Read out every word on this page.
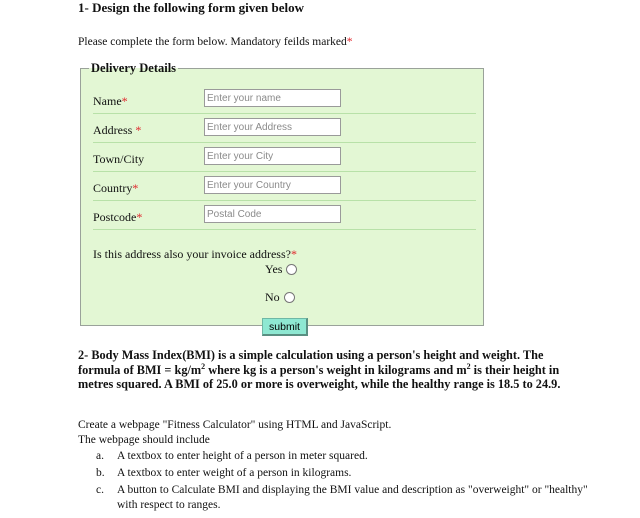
1- Design the following form given below
Please complete the form below. Mandatory feilds marked*
Delivery Details
Name*
Enter your name
Address *
Enter your Address
Town/City
Enter your City
Country*
Enter your Country
Postcode*
Postal Code
Is this address also your invoice address?*
Yes
No
submit
2- Body Mass Index(BMI) is a simple calculation using a person's height and weight. The formula of BMI = $kg/m^2$ where kg is a person's weight in kilograms and $m^2$ is their height in metres squared. A BMI of 25.0 or more is overweight, while the healthy range is 18.5 to 24.9.
Create a webpage "Fitness Calculator" using HTML and JavaScript.
The webpage should include
a. A textbox to enter height of a person in meter squared.
b. A textbox to enter weight of a person in kilograms.
c. A button to Calculate BMI and displaying the BMI value and description as "overweight" or "healthy" with respect to ranges.
